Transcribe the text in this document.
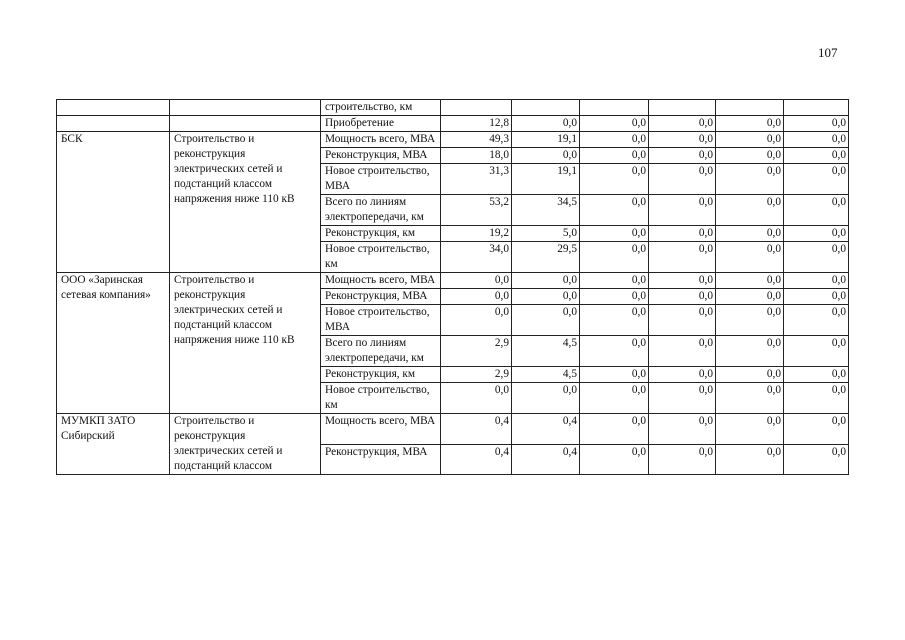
107
		строительство, км						
		Приобретение	12,8	0,0	0,0	0,0	0,0	0,0
БСК	Строительство и реконструкция электрических сетей и подстанций классом напряжения ниже 110 кВ	Мощность всего, МВА	49,3	19,1	0,0	0,0	0,0	0,0
		Реконструкция, МВА	18,0	0,0	0,0	0,0	0,0	0,0
		Новое строительство, МВА	31,3	19,1	0,0	0,0	0,0	0,0
		Всего по линиям электропередачи, км	53,2	34,5	0,0	0,0	0,0	0,0
		Реконструкция, км	19,2	5,0	0,0	0,0	0,0	0,0
		Новое строительство, км	34,0	29,5	0,0	0,0	0,0	0,0
ООО «Заринская сетевая компания»	Строительство и реконструкция электрических сетей и подстанций классом напряжения ниже 110 кВ	Мощность всего, МВА	0,0	0,0	0,0	0,0	0,0	0,0
		Реконструкция, МВА	0,0	0,0	0,0	0,0	0,0	0,0
		Новое строительство, МВА	0,0	0,0	0,0	0,0	0,0	0,0
		Всего по линиям электропередачи, км	2,9	4,5	0,0	0,0	0,0	0,0
		Реконструкция, км	2,9	4,5	0,0	0,0	0,0	0,0
		Новое строительство, км	0,0	0,0	0,0	0,0	0,0	0,0
МУМКП ЗАТО Сибирский	Строительство и реконструкция электрических сетей и подстанций классом	Мощность всего, МВА	0,4	0,4	0,0	0,0	0,0	0,0
		Реконструкция, МВА	0,4	0,4	0,0	0,0	0,0	0,0
